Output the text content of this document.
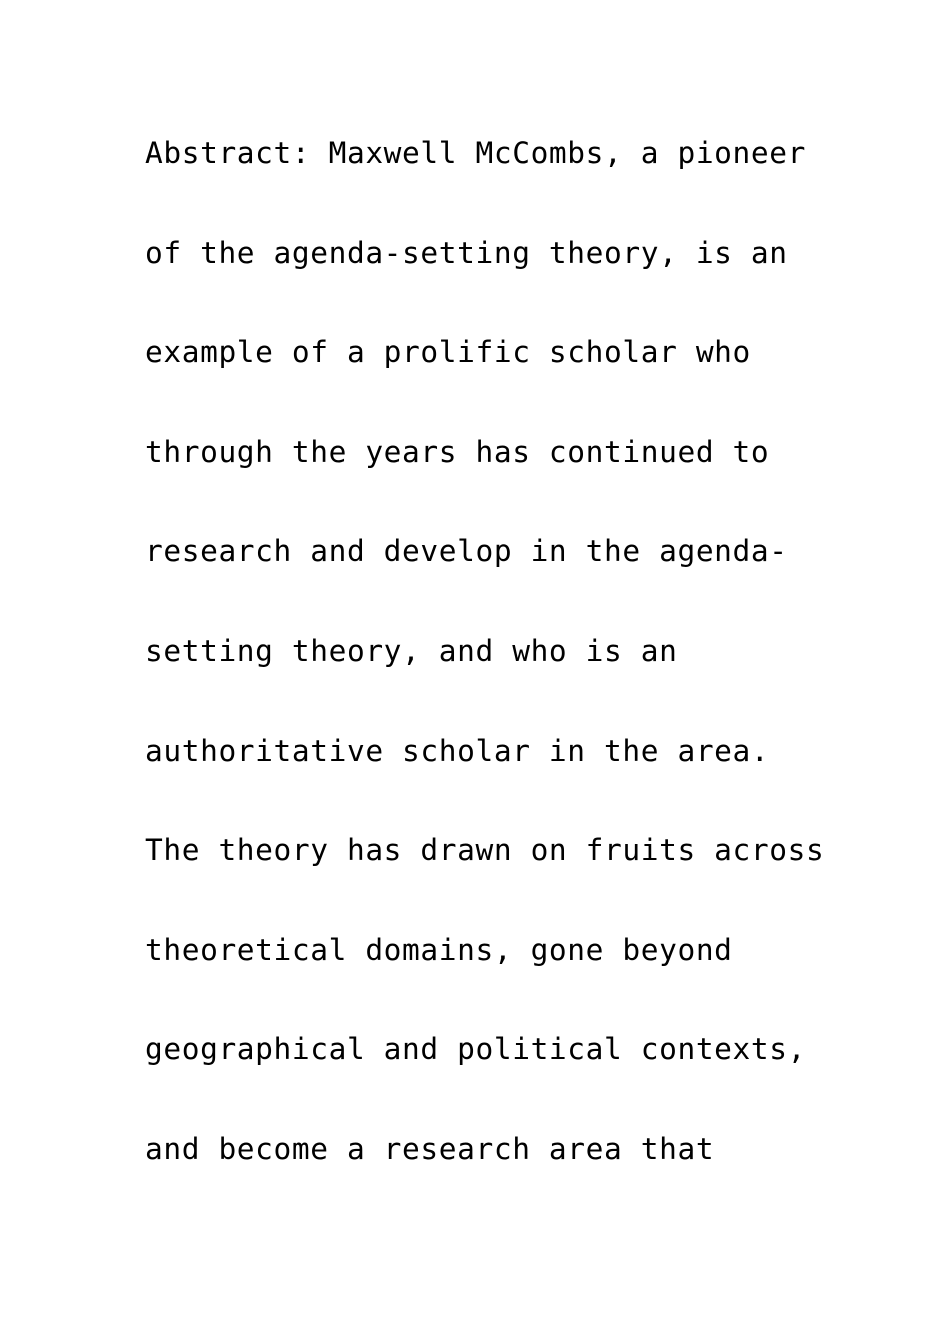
Abstract: Maxwell McCombs, a pioneer
of the agenda-setting theory, is an
example of a prolific scholar who
through the years has continued to
research and develop in the agenda-
setting theory, and who is an
authoritative scholar in the area.
The theory has drawn on fruits across
theoretical domains, gone beyond
geographical and political contexts,
and become a research area that
